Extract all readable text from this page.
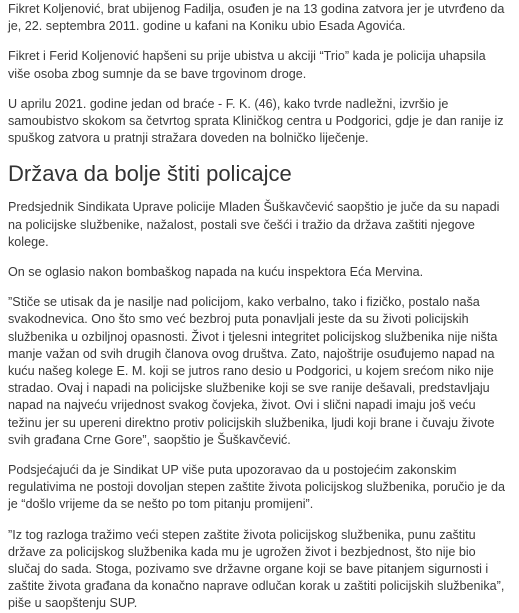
Fikret Koljenović, brat ubijenog Fadilja, osuđen je na 13 godina zatvora jer je utvrđeno da je, 22. septembra 2011. godine u kafani na Koniku ubio Esada Agovića.

Fikret i Ferid Koljenović hapšeni su prije ubistva u akciji “Trio” kada je policija uhapsila više osoba zbog sumnje da se bave trgovinom droge.

U aprilu 2021. godine jedan od braće - F. K. (46), kako tvrde nadležni, izvršio je samoubistvo skokom sa četvrtog sprata Kliničkog centra u Podgorici, gdje je dan ranije iz spuškog zatvora u pratnji stražara doveden na bolničko liječenje.

Država da bolje štiti policajce

Predsjednik Sindikata Uprave policije Mladen Šuškavčević saopštio je juče da su napadi na policijske službenike, nažalost, postali sve češći i tražio da država zaštiti njegove kolege.

On se oglasio nakon bombaškog napada na kuću inspektora Eća Mervina.

”Stiče se utisak da je nasilje nad policijom, kako verbalno, tako i fizičko, postalo naša svakodnevica. Ono što smo već bezbroj puta ponavljali jeste da su životi policijskih službenika u ozbiljnoj opasnosti. Život i tjelesni integritet policijskog službenika nije ništa manje važan od svih drugih članova ovog društva. Zato, najoštrije osuđujemo napad na kuću našeg kolege E. M. koji se jutros rano desio u Podgorici, u kojem srećom niko nije stradao. Ovaj i napadi na policijske službenike koji se sve ranije dešavali, predstavljaju napad na najveću vrijednost svakog čovjeka, život. Ovi i slični napadi imaju još veću težinu jer su upereni direktno protiv policijskih službenika, ljudi koji brane i čuvaju živote svih građana Crne Gore”, saopštio je Šuškavčević.

Podsjećajući da je Sindikat UP više puta upozoravao da u postojećim zakonskim regulativima ne postoji dovoljan stepen zaštite života policijskog službenika, poručio je da je “došlo vrijeme da se nešto po tom pitanju promijeni”.

”Iz tog razloga tražimo veći stepen zaštite života policijskog službenika, punu zaštitu države za policijskog službenika kada mu je ugrožen život i bezbjednost, što nije bio slučaj do sada. Stoga, pozivamo sve državne organe koji se bave pitanjem sigurnosti i zaštite života građana da konačno naprave odlučan korak u zaštiti policijskih službenika”, piše u saopštenju SUP.
